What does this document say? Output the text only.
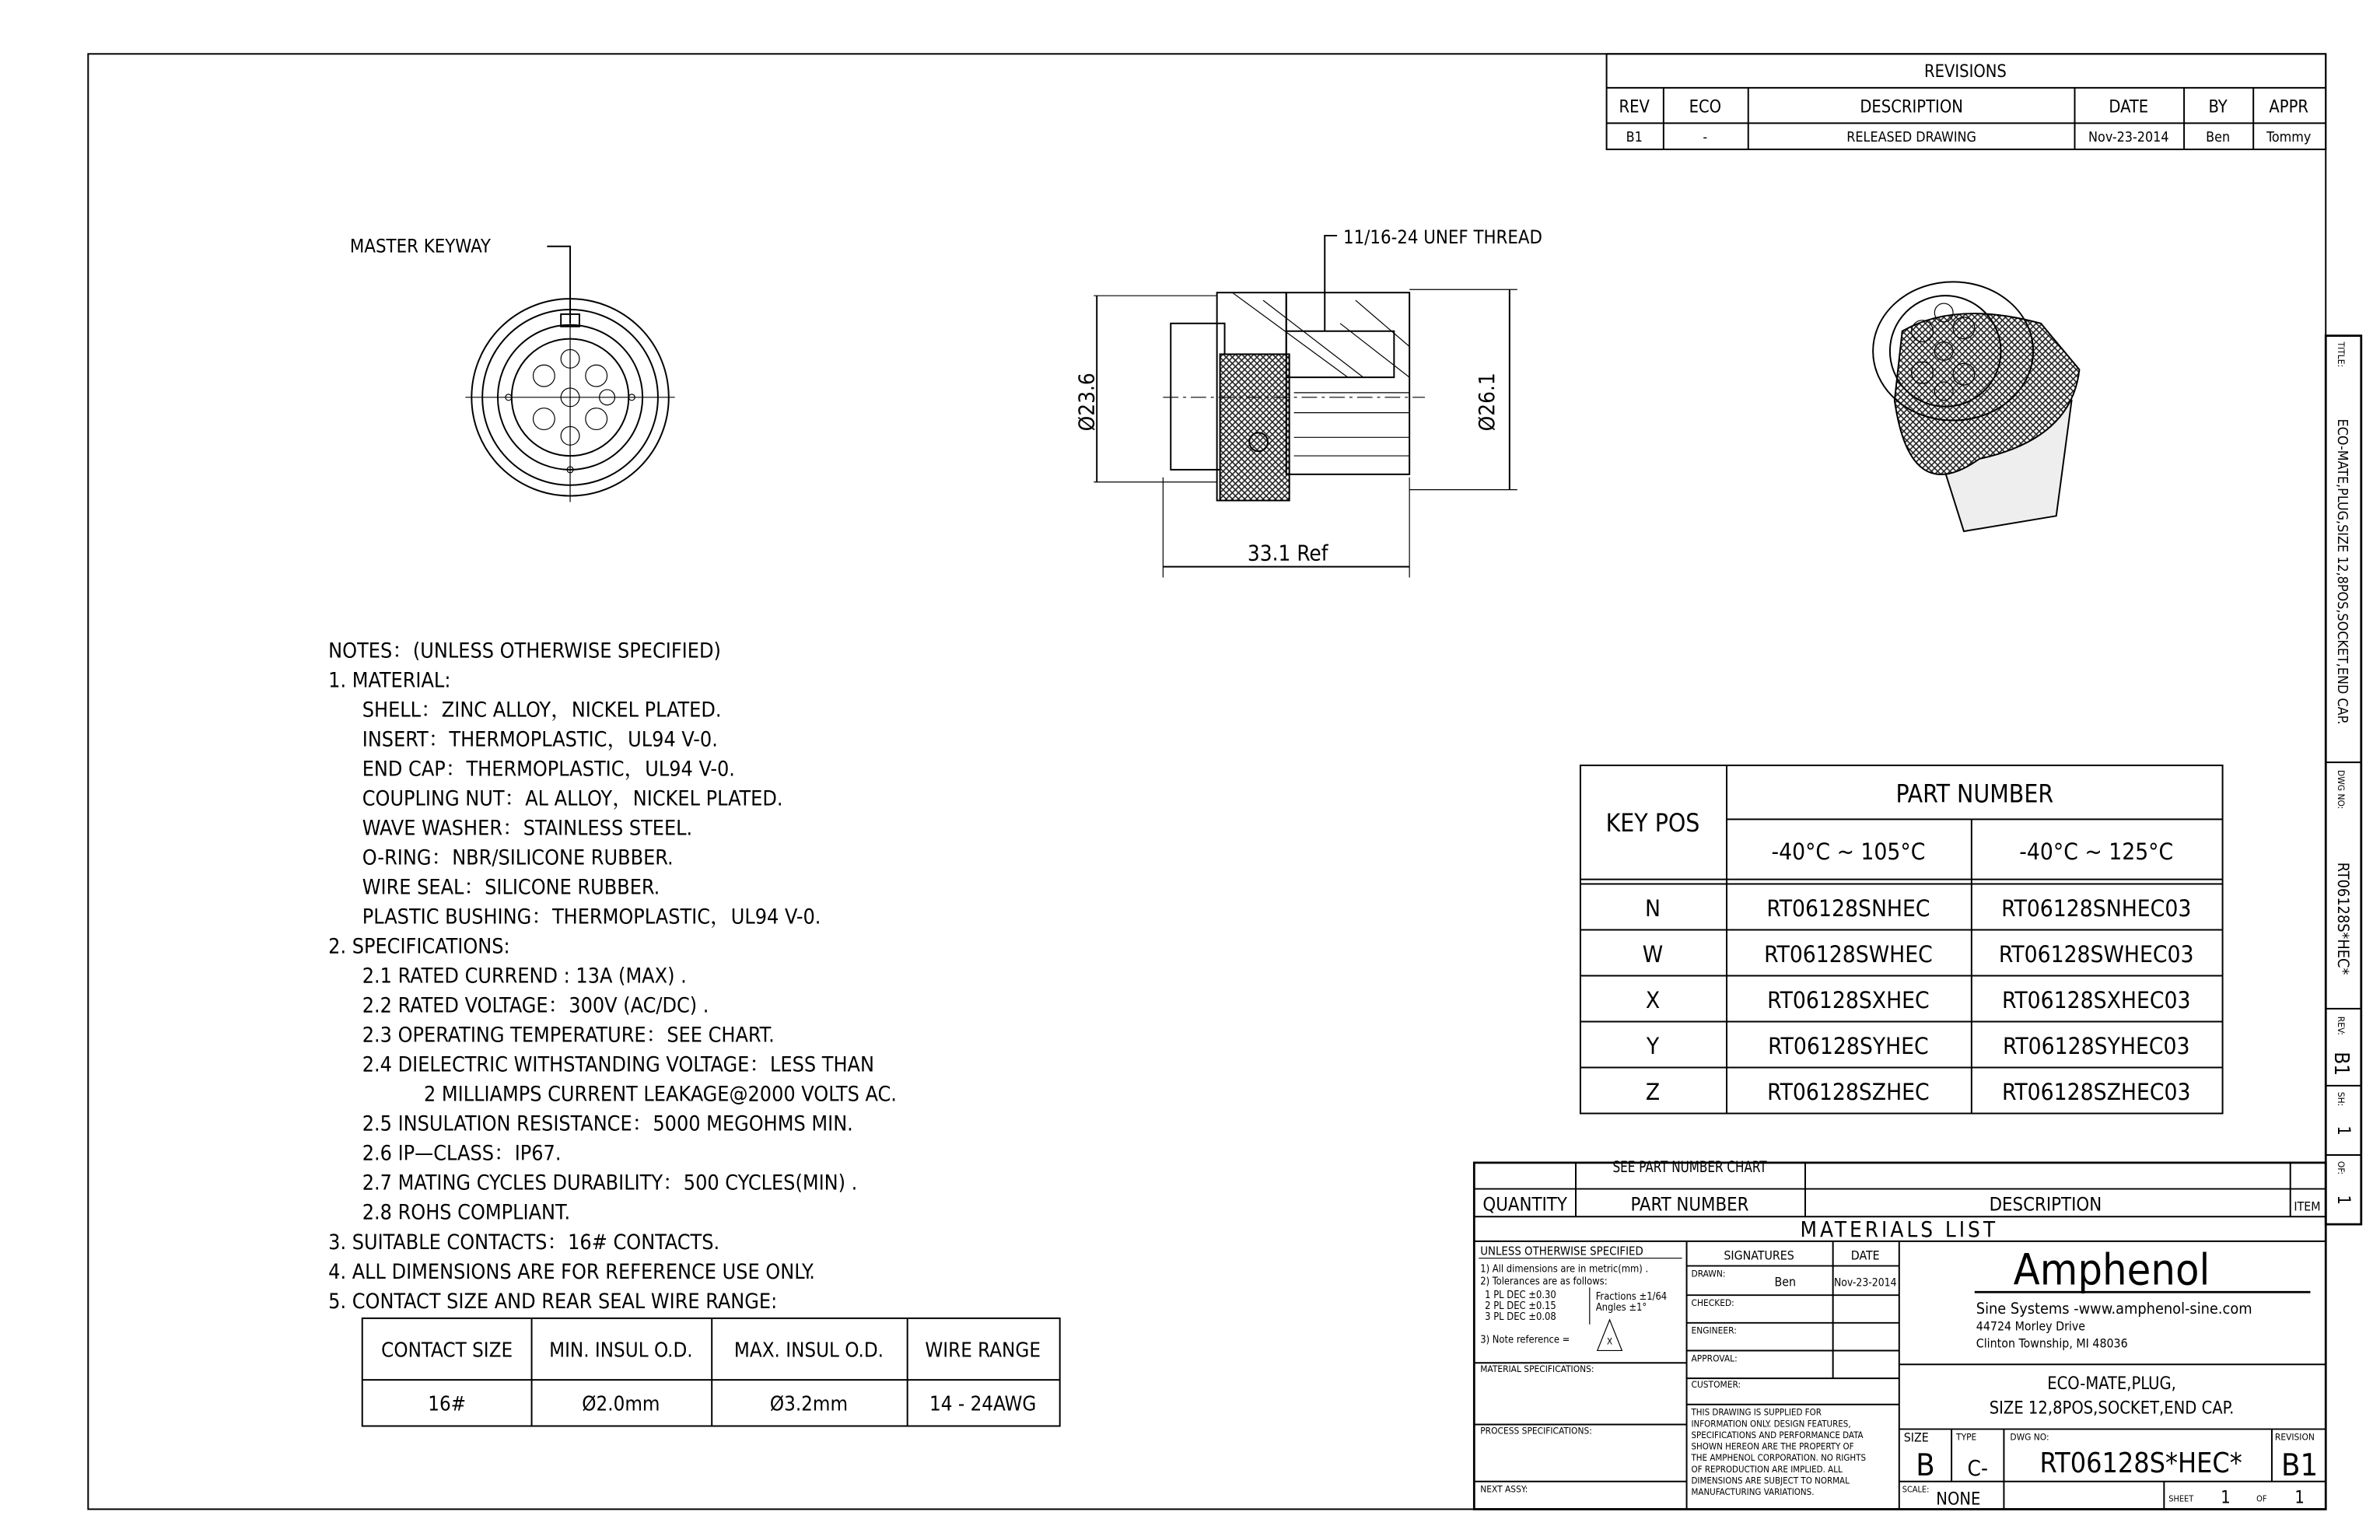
REVISIONS
REV	ECO	DESCRIPTION	DATE	BY	APPR
B1	-	RELEASED DRAWING	Nov-23-2014	Ben	Tommy
TITLE:
ECO-MATE,PLUG,SIZE 12,8POS,SOCKET,END CAP.
DWG NO:
RT06128S*HEC*
REV:
B1
SH:
1
OF:
1
MASTER KEYWAY	11/16-24 UNEF THREAD
Ø23.6	Ø26.1
33.1 Ref
NOTES：(UNLESS OTHERWISE SPECIFIED)
1. MATERIAL:
SHELL：ZINC ALLOY，NICKEL PLATED.
INSERT：THERMOPLASTIC，UL94 V-0.
END CAP：THERMOPLASTIC，UL94 V-0.
COUPLING NUT：AL ALLOY，NICKEL PLATED.
WAVE WASHER：STAINLESS STEEL.
O-RING：NBR/SILICONE RUBBER.
WIRE SEAL：SILICONE RUBBER.
PLASTIC BUSHING：THERMOPLASTIC，UL94 V-0.
2. SPECIFICATIONS:
2.1 RATED CURREND : 13A (MAX) .
2.2 RATED VOLTAGE：300V (AC/DC) .
2.3 OPERATING TEMPERATURE：SEE CHART.
2.4 DIELECTRIC WITHSTANDING VOLTAGE：LESS THAN
2 MILLIAMPS CURRENT LEAKAGE@2000 VOLTS AC.
2.5 INSULATION RESISTANCE：5000 MEGOHMS MIN.
2.6 IP—CLASS：IP67.
2.7 MATING CYCLES DURABILITY：500 CYCLES(MIN) .
2.8 ROHS COMPLIANT.
3. SUITABLE CONTACTS：16# CONTACTS.
4. ALL DIMENSIONS ARE FOR REFERENCE USE ONLY.
5. CONTACT SIZE AND REAR SEAL WIRE RANGE:
CONTACT SIZE	MIN. INSUL O.D.	MAX. INSUL O.D.	WIRE RANGE
16#	Ø2.0mm	Ø3.2mm	14 - 24AWG
KEY POS
PART NUMBER
-40°C ~ 105°C	-40°C ~ 125°C
N	RT06128SNHEC	RT06128SNHEC03
W	RT06128SWHEC	RT06128SWHEC03
X	RT06128SXHEC	RT06128SXHEC03
Y	RT06128SYHEC	RT06128SYHEC03
Z	RT06128SZHEC	RT06128SZHEC03
SEE PART NUMBER CHART
QUANTITY	PART NUMBER	DESCRIPTION	ITEM
MATERIALS LIST
UNLESS OTHERWISE SPECIFIED
1) All dimensions are in metric(mm) .
2) Tolerances are as follows:
1 PL DEC ±0.30
2 PL DEC ±0.15
3 PL DEC ±0.08
Fractions ±1/64
Angles ±1°
3) Note reference =	X
MATERIAL SPECIFICATIONS:
PROCESS SPECIFICATIONS:
NEXT ASSY:
SIGNATURES	DATE
DRAWN:
CHECKED:
ENGINEER:
APPROVAL:
CUSTOMER:
Ben	Nov-23-2014
THIS DRAWING IS SUPPLIED FOR
INFORMATION ONLY. DESIGN FEATURES,
SPECIFICATIONS AND PERFORMANCE DATA
SHOWN HEREON ARE THE PROPERTY OF
THE AMPHENOL CORPORATION. NO RIGHTS
OF REPRODUCTION ARE IMPLIED. ALL
DIMENSIONS ARE SUBJECT TO NORMAL
MANUFACTURING VARIATIONS.
Amphenol
Sine Systems -www.amphenol-sine.com
44724 Morley Drive
Clinton Township, MI 48036
ECO-MATE,PLUG,
SIZE 12,8POS,SOCKET,END CAP.
SIZE
B
TYPE
C-
DWG NO:
RT06128S*HEC*
REVISION
B1
SCALE:
NONE	SHEET	1	OF	1
